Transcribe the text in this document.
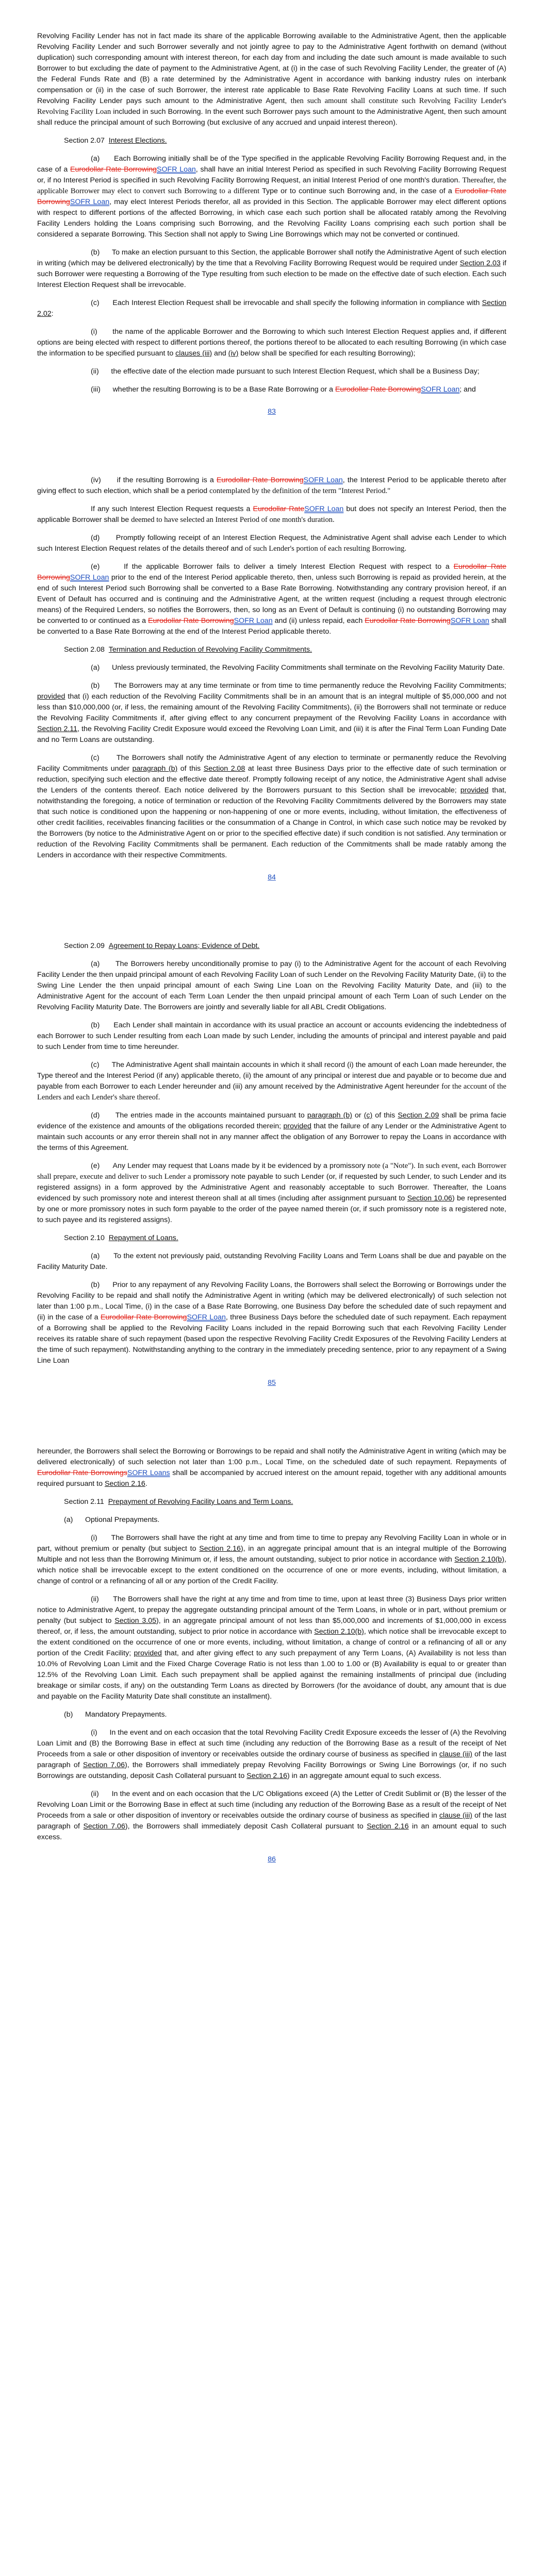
Revolving Facility Lender has not in fact made its share of the applicable Borrowing available to the Administrative Agent, then the applicable Revolving Facility Lender and such Borrower severally and not jointly agree to pay to the Administrative Agent forthwith on demand (without duplication) such corresponding amount with interest thereon, for each day from and including the date such amount is made available to such Borrower to but excluding the date of payment to the Administrative Agent, at (i) in the case of such Revolving Facility Lender, the greater of (A) the Federal Funds Rate and (B) a rate determined by the Administrative Agent in accordance with banking industry rules on interbank compensation or (ii) in the case of such Borrower, the interest rate applicable to Base Rate Revolving Facility Loans at such time. If such Revolving Facility Lender pays such amount to the Administrative Agent, then such amount shall constitute such Revolving Facility Lender's Revolving Facility Loan included in such Borrowing. In the event such Borrower pays such amount to the Administrative Agent, then such amount shall reduce the principal amount of such Borrowing (but exclusive of any accrued and unpaid interest thereon).

Section 2.07 Interest Elections.

(a) Each Borrowing initially shall be of the Type specified in the applicable Revolving Facility Borrowing Request and, in the case of a Eurodollar Rate BorrowingSOFR Loan, shall have an initial Interest Period as specified in such Revolving Facility Borrowing Request or, if no Interest Period is specified in such Revolving Facility Borrowing Request, an initial Interest Period of one month's duration. Thereafter, the applicable Borrower may elect to convert such Borrowing to a different Type or to continue such Borrowing and, in the case of a Eurodollar Rate BorrowingSOFR Loan, may elect Interest Periods therefor, all as provided in this Section. The applicable Borrower may elect different options with respect to different portions of the affected Borrowing, in which case each such portion shall be allocated ratably among the Revolving Facility Lenders holding the Loans comprising such Borrowing, and the Revolving Facility Loans comprising each such portion shall be considered a separate Borrowing. This Section shall not apply to Swing Line Borrowings which may not be converted or continued.

(b) To make an election pursuant to this Section, the applicable Borrower shall notify the Administrative Agent of such election in writing (which may be delivered electronically) by the time that a Revolving Facility Borrowing Request would be required under Section 2.03 if such Borrower were requesting a Borrowing of the Type resulting from such election to be made on the effective date of such election. Each such Interest Election Request shall be irrevocable.

(c) Each Interest Election Request shall be irrevocable and shall specify the following information in compliance with Section 2.02:

(i) the name of the applicable Borrower and the Borrowing to which such Interest Election Request applies and, if different options are being elected with respect to different portions thereof, the portions thereof to be allocated to each resulting Borrowing (in which case the information to be specified pursuant to clauses (iii) and (iv) below shall be specified for each resulting Borrowing);

(ii) the effective date of the election made pursuant to such Interest Election Request, which shall be a Business Day;

(iii) whether the resulting Borrowing is to be a Base Rate Borrowing or a Eurodollar Rate BorrowingSOFR Loan; and

83

(iv) if the resulting Borrowing is a Eurodollar Rate BorrowingSOFR Loan, the Interest Period to be applicable thereto after giving effect to such election, which shall be a period contemplated by the definition of the term "Interest Period."

If any such Interest Election Request requests a Eurodollar RateSOFR Loan but does not specify an Interest Period, then the applicable Borrower shall be deemed to have selected an Interest Period of one month's duration.

(d) Promptly following receipt of an Interest Election Request, the Administrative Agent shall advise each Lender to which such Interest Election Request relates of the details thereof and of such Lender's portion of each resulting Borrowing.

(e)	If the applicable Borrower fails to deliver a timely Interest Election Request with respect to a Eurodollar Rate BorrowingSOFR Loan prior to the end of the Interest Period applicable thereto, then, unless such Borrowing is repaid as provided herein, at the end of such Interest Period such Borrowing shall be converted to a Base Rate Borrowing. Notwithstanding any contrary provision hereof, if an Event of Default has occurred and is continuing and the Administrative Agent, at the written request (including a request through electronic means) of the Required Lenders, so notifies the Borrowers, then, so long as an Event of Default is continuing (i) no outstanding Borrowing may be converted to or continued as a Eurodollar Rate BorrowingSOFR Loan and (ii) unless repaid, each Eurodollar Rate BorrowingSOFR Loan shall be converted to a Base Rate Borrowing at the end of the Interest Period applicable thereto.

Section 2.08 Termination and Reduction of Revolving Facility Commitments.

(a) Unless previously terminated, the Revolving Facility Commitments shall terminate on the Revolving Facility Maturity Date.

(b) The Borrowers may at any time terminate or from time to time permanently reduce the Revolving Facility Commitments; provided that (i) each reduction of the Revolving Facility Commitments shall be in an amount that is an integral multiple of $5,000,000 and not less than $10,000,000 (or, if less, the remaining amount of the Revolving Facility Commitments), (ii) the Borrowers shall not terminate or reduce the Revolving Facility Commitments if, after giving effect to any concurrent prepayment of the Revolving Facility Loans in accordance with Section 2.11, the Revolving Facility Credit Exposure would exceed the Revolving Loan Limit, and (iii) it is after the Final Term Loan Funding Date and no Term Loans are outstanding.

(c) The Borrowers shall notify the Administrative Agent of any election to terminate or permanently reduce the Revolving Facility Commitments under paragraph (b) of this Section 2.08 at least three Business Days prior to the effective date of such termination or reduction, specifying such election and the effective date thereof. Promptly following receipt of any notice, the Administrative Agent shall advise the Lenders of the contents thereof. Each notice delivered by the Borrowers pursuant to this Section shall be irrevocable; provided that, notwithstanding the foregoing, a notice of termination or reduction of the Revolving Facility Commitments delivered by the Borrowers may state that such notice is conditioned upon the happening or non-happening of one or more events, including, without limitation, the effectiveness of other credit facilities, receivables financing facilities or the consummation of a Change in Control, in which case such notice may be revoked by the Borrowers (by notice to the Administrative Agent on or prior to the specified effective date) if such condition is not satisfied. Any termination or reduction of the Revolving Facility Commitments shall be permanent. Each reduction of the Commitments shall be made ratably among the Lenders in accordance with their respective Commitments.

84

Section 2.09 Agreement to Repay Loans; Evidence of Debt.

(a) The Borrowers hereby unconditionally promise to pay (i) to the Administrative Agent for the account of each Revolving Facility Lender the then unpaid principal amount of each Revolving Facility Loan of such Lender on the Revolving Facility Maturity Date, (ii) to the Swing Line Lender the then unpaid principal amount of each Swing Line Loan on the Revolving Facility Maturity Date, and (iii) to the Administrative Agent for the account of each Term Loan Lender the then unpaid principal amount of each Term Loan of such Lender on the Revolving Facility Maturity Date. The Borrowers are jointly and severally liable for all ABL Credit Obligations.

(b) Each Lender shall maintain in accordance with its usual practice an account or accounts evidencing the indebtedness of each Borrower to such Lender resulting from each Loan made by such Lender, including the amounts of principal and interest payable and paid to such Lender from time to time hereunder.

(c) The Administrative Agent shall maintain accounts in which it shall record (i) the amount of each Loan made hereunder, the Type thereof and the Interest Period (if any) applicable thereto, (ii) the amount of any principal or interest due and payable or to become due and payable from each Borrower to each Lender hereunder and (iii) any amount received by the Administrative Agent hereunder for the account of the Lenders and each Lender's share thereof.

(d) The entries made in the accounts maintained pursuant to paragraph (b) or (c) of this Section 2.09 shall be prima facie evidence of the existence and amounts of the obligations recorded therein; provided that the failure of any Lender or the Administrative Agent to maintain such accounts or any error therein shall not in any manner affect the obligation of any Borrower to repay the Loans in accordance with the terms of this Agreement.

(e) Any Lender may request that Loans made by it be evidenced by a promissory note (a "Note"). In such event, each Borrower shall prepare, execute and deliver to such Lender a promissory note payable to such Lender (or, if requested by such Lender, to such Lender and its registered assigns) in a form approved by the Administrative Agent and reasonably acceptable to such Borrower. Thereafter, the Loans evidenced by such promissory note and interest thereon shall at all times (including after assignment pursuant to Section 10.06) be represented by one or more promissory notes in such form payable to the order of the payee named therein (or, if such promissory note is a registered note, to such payee and its registered assigns).

Section 2.10 Repayment of Loans.

(a) To the extent not previously paid, outstanding Revolving Facility Loans and Term Loans shall be due and payable on the Facility Maturity Date.

(b) Prior to any repayment of any Revolving Facility Loans, the Borrowers shall select the Borrowing or Borrowings under the Revolving Facility to be repaid and shall notify the Administrative Agent in writing (which may be delivered electronically) of such selection not later than 1:00 p.m., Local Time, (i) in the case of a Base Rate Borrowing, one Business Day before the scheduled date of such repayment and (ii) in the case of a Eurodollar Rate BorrowingSOFR Loan, three Business Days before the scheduled date of such repayment. Each repayment of a Borrowing shall be applied to the Revolving Facility Loans included in the repaid Borrowing such that each Revolving Facility Lender receives its ratable share of such repayment (based upon the respective Revolving Facility Credit Exposures of the Revolving Facility Lenders at the time of such repayment). Notwithstanding anything to the contrary in the immediately preceding sentence, prior to any repayment of a Swing Line Loan

85

hereunder, the Borrowers shall select the Borrowing or Borrowings to be repaid and shall notify the Administrative Agent in writing (which may be delivered electronically) of such selection not later than 1:00 p.m., Local Time, on the scheduled date of such repayment. Repayments of Eurodollar Rate BorrowingsSOFR Loans shall be accompanied by accrued interest on the amount repaid, together with any additional amounts required pursuant to Section 2.16.

Section 2.11 Prepayment of Revolving Facility Loans and Term Loans.

(a) Optional Prepayments.

(i) The Borrowers shall have the right at any time and from time to time to prepay any Revolving Facility Loan in whole or in part, without premium or penalty (but subject to Section 2.16), in an aggregate principal amount that is an integral multiple of the Borrowing Multiple and not less than the Borrowing Minimum or, if less, the amount outstanding, subject to prior notice in accordance with Section 2.10(b), which notice shall be irrevocable except to the extent conditioned on the occurrence of one or more events, including, without limitation, a change of control or a refinancing of all or any portion of the Credit Facility.

(ii) The Borrowers shall have the right at any time and from time to time, upon at least three (3) Business Days prior written notice to Administrative Agent, to prepay the aggregate outstanding principal amount of the Term Loans, in whole or in part, without premium or penalty (but subject to Section 3.05), in an aggregate principal amount of not less than $5,000,000 and increments of $1,000,000 in excess thereof, or, if less, the amount outstanding, subject to prior notice in accordance with Section 2.10(b), which notice shall be irrevocable except to the extent conditioned on the occurrence of one or more events, including, without limitation, a change of control or a refinancing of all or any portion of the Credit Facility; provided that, and after giving effect to any such prepayment of any Term Loans, (A) Availability is not less than 10.0% of Revolving Loan Limit and the Fixed Charge Coverage Ratio is not less than 1.00 to 1.00 or (B) Availability is equal to or greater than 12.5% of the Revolving Loan Limit. Each such prepayment shall be applied against the remaining installments of principal due (including breakage or similar costs, if any) on the outstanding Term Loans as directed by Borrowers (for the avoidance of doubt, any amount that is due and payable on the Facility Maturity Date shall constitute an installment).

(b) Mandatory Prepayments.

(i) In the event and on each occasion that the total Revolving Facility Credit Exposure exceeds the lesser of (A) the Revolving Loan Limit and (B) the Borrowing Base in effect at such time (including any reduction of the Borrowing Base as a result of the receipt of Net Proceeds from a sale or other disposition of inventory or receivables outside the ordinary course of business as specified in clause (iii) of the last paragraph of Section 7.06), the Borrowers shall immediately prepay Revolving Facility Borrowings or Swing Line Borrowings (or, if no such Borrowings are outstanding, deposit Cash Collateral pursuant to Section 2.16) in an aggregate amount equal to such excess.

(ii) In the event and on each occasion that the L/C Obligations exceed (A) the Letter of Credit Sublimit or (B) the lesser of the Revolving Loan Limit or the Borrowing Base in effect at such time (including any reduction of the Borrowing Base as a result of the receipt of Net Proceeds from a sale or other disposition of inventory or receivables outside the ordinary course of business as specified in clause (iii) of the last paragraph of Section 7.06), the Borrowers shall immediately deposit Cash Collateral pursuant to Section 2.16 in an amount equal to such excess.

86
